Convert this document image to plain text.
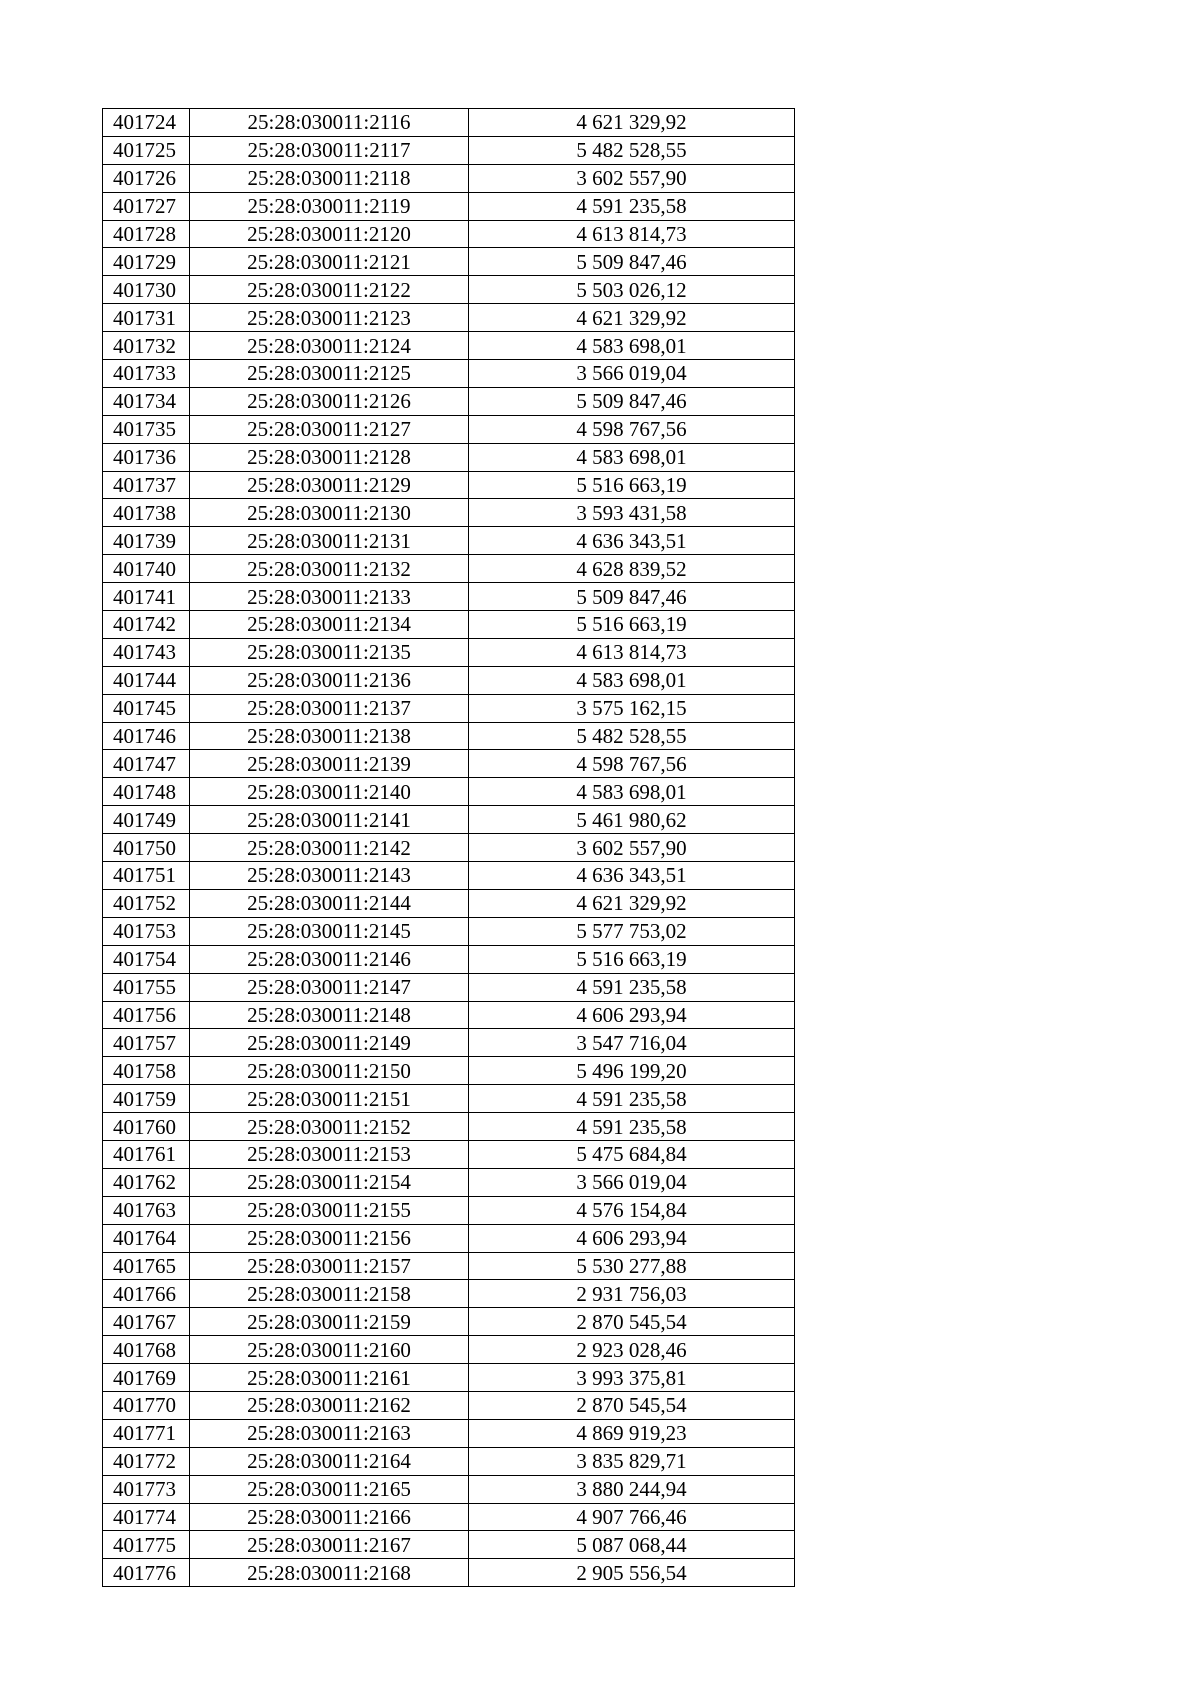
401724	25:28:030011:2116	4 621 329,92
401725	25:28:030011:2117	5 482 528,55
401726	25:28:030011:2118	3 602 557,90
401727	25:28:030011:2119	4 591 235,58
401728	25:28:030011:2120	4 613 814,73
401729	25:28:030011:2121	5 509 847,46
401730	25:28:030011:2122	5 503 026,12
401731	25:28:030011:2123	4 621 329,92
401732	25:28:030011:2124	4 583 698,01
401733	25:28:030011:2125	3 566 019,04
401734	25:28:030011:2126	5 509 847,46
401735	25:28:030011:2127	4 598 767,56
401736	25:28:030011:2128	4 583 698,01
401737	25:28:030011:2129	5 516 663,19
401738	25:28:030011:2130	3 593 431,58
401739	25:28:030011:2131	4 636 343,51
401740	25:28:030011:2132	4 628 839,52
401741	25:28:030011:2133	5 509 847,46
401742	25:28:030011:2134	5 516 663,19
401743	25:28:030011:2135	4 613 814,73
401744	25:28:030011:2136	4 583 698,01
401745	25:28:030011:2137	3 575 162,15
401746	25:28:030011:2138	5 482 528,55
401747	25:28:030011:2139	4 598 767,56
401748	25:28:030011:2140	4 583 698,01
401749	25:28:030011:2141	5 461 980,62
401750	25:28:030011:2142	3 602 557,90
401751	25:28:030011:2143	4 636 343,51
401752	25:28:030011:2144	4 621 329,92
401753	25:28:030011:2145	5 577 753,02
401754	25:28:030011:2146	5 516 663,19
401755	25:28:030011:2147	4 591 235,58
401756	25:28:030011:2148	4 606 293,94
401757	25:28:030011:2149	3 547 716,04
401758	25:28:030011:2150	5 496 199,20
401759	25:28:030011:2151	4 591 235,58
401760	25:28:030011:2152	4 591 235,58
401761	25:28:030011:2153	5 475 684,84
401762	25:28:030011:2154	3 566 019,04
401763	25:28:030011:2155	4 576 154,84
401764	25:28:030011:2156	4 606 293,94
401765	25:28:030011:2157	5 530 277,88
401766	25:28:030011:2158	2 931 756,03
401767	25:28:030011:2159	2 870 545,54
401768	25:28:030011:2160	2 923 028,46
401769	25:28:030011:2161	3 993 375,81
401770	25:28:030011:2162	2 870 545,54
401771	25:28:030011:2163	4 869 919,23
401772	25:28:030011:2164	3 835 829,71
401773	25:28:030011:2165	3 880 244,94
401774	25:28:030011:2166	4 907 766,46
401775	25:28:030011:2167	5 087 068,44
401776	25:28:030011:2168	2 905 556,54
